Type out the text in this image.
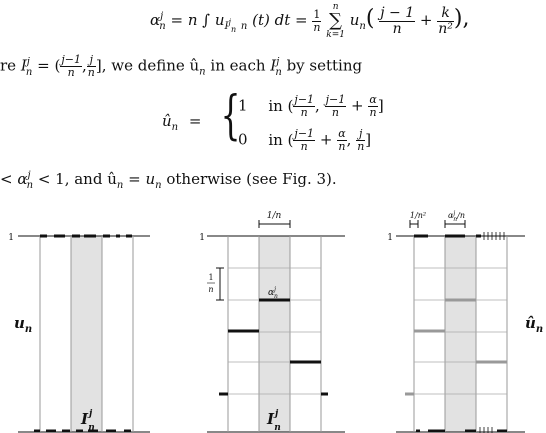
$\alpha^j_n = n$ ∫ $u_{I^j_n}$ $_n$ (t) dt = $\frac{1}{n}$

n
∑
k=1
$u_n( \frac{j - 1}{n} + \frac{k}{\text{n²}}$ ),
re $I^j_n$ = ( $\frac{j-1}{n}$ , $\frac{j}{n}$ ], we define $û_n$ in each $I^j_n$ by setting
$û_n$ = {
1 in ( $\frac{j-1}{n}$ , $\frac{j-1}{n} + \frac{\alpha}{n}$ ]
0 in ( $\frac{j-1}{n} + \frac{\alpha}{n}$ , $\frac{j}{n}$ ]
< $\alpha^j_n < 1$, and $û_n = u_n$ otherwise (see Fig. 3).
1
$u_n$
$I^j$ n
1
1/n
1
n	$\alpha^j$ n
$I^j$ n
1
1/n²	$\alpha^j$ n/n
$û_n$
